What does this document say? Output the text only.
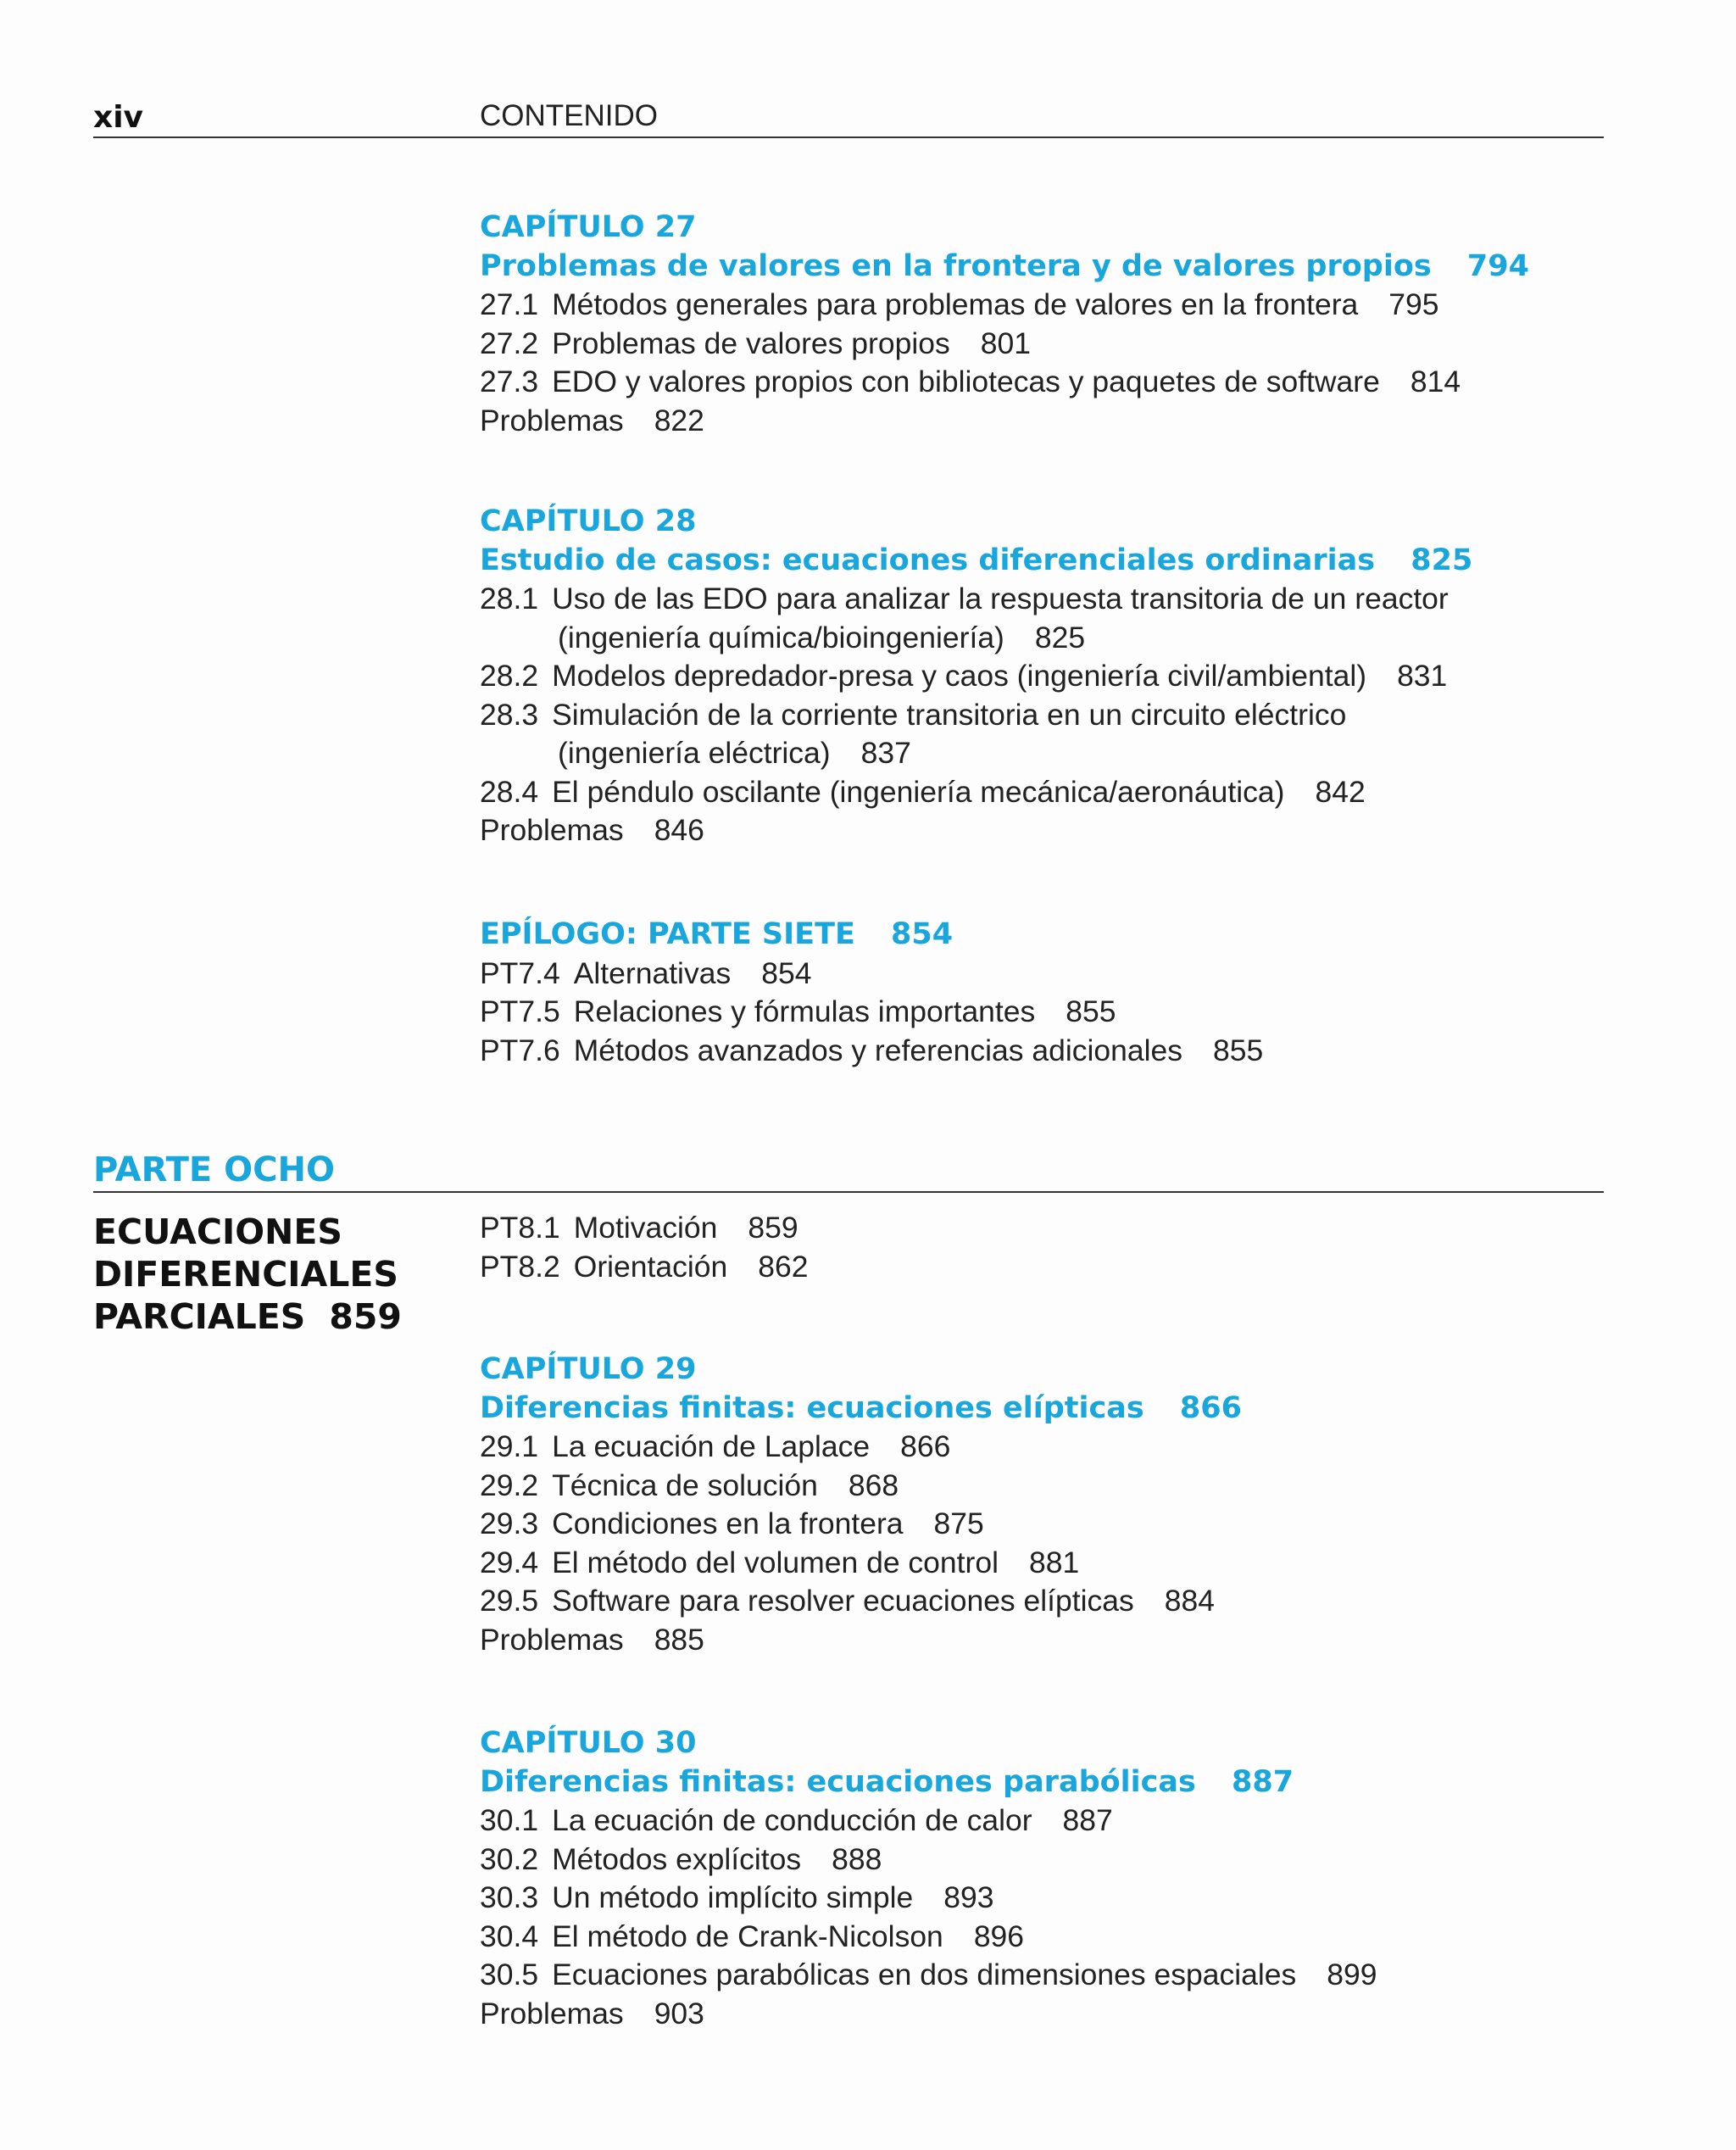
xiv	CONTENIDO
CAPÍTULO 27
Problemas de valores en la frontera y de valores propios 794
27.1 Métodos generales para problemas de valores en la frontera 795
27.2 Problemas de valores propios 801
27.3 EDO y valores propios con bibliotecas y paquetes de software 814
Problemas 822
CAPÍTULO 28
Estudio de casos: ecuaciones diferenciales ordinarias 825
28.1 Uso de las EDO para analizar la respuesta transitoria de un reactor
(ingeniería química/bioingeniería) 825
28.2 Modelos depredador-presa y caos (ingeniería civil/ambiental) 831
28.3 Simulación de la corriente transitoria en un circuito eléctrico
(ingeniería eléctrica) 837
28.4 El péndulo oscilante (ingeniería mecánica/aeronáutica) 842
Problemas 846
EPÍLOGO: PARTE SIETE 854
PT7.4 Alternativas 854
PT7.5 Relaciones y fórmulas importantes 855
PT7.6 Métodos avanzados y referencias adicionales 855
PARTE OCHO
ECUACIONES
DIFERENCIALES
PARCIALES 859
PT8.1 Motivación 859
PT8.2 Orientación 862
CAPÍTULO 29
Diferencias finitas: ecuaciones elípticas 866
29.1 La ecuación de Laplace 866
29.2 Técnica de solución 868
29.3 Condiciones en la frontera 875
29.4 El método del volumen de control 881
29.5 Software para resolver ecuaciones elípticas 884
Problemas 885
CAPÍTULO 30
Diferencias finitas: ecuaciones parabólicas 887
30.1 La ecuación de conducción de calor 887
30.2 Métodos explícitos 888
30.3 Un método implícito simple 893
30.4 El método de Crank-Nicolson 896
30.5 Ecuaciones parabólicas en dos dimensiones espaciales 899
Problemas 903
